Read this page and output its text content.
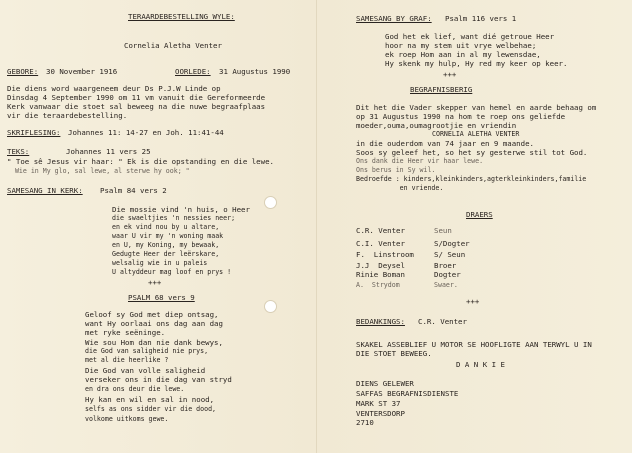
TERAARDEBESTELLING WYLE:
Cornelia Aletha Venter
GEBORE: 30 November 1916	OORLEDE: 31 Augustus 1990
Die diens word waargeneem deur Ds P.J.W Linde op
Dinsdag 4 September 1990 om 11 vm vanuit die Gereformeerde
Kerk vanwaar die stoet sal beweeg na die nuwe begraafplaas
vir die teraardebestelling.
SKRIFLESING: Johannes 11: 14-27 en Joh. 11:41-44
TEKS:	Johannes 11 vers 25
" Toe sê Jesus vir haar: " Ek is die opstanding en die lewe.
Wie in My glo, sal lewe, al sterwe hy ook; "
SAMESANG IN KERK: Psalm 84 vers 2
Die mossie vind 'n huis, o Heer
die swaeltjies 'n nessies neer;
en ek vind nou by u altare,
waar U vir my 'n woning maak
en U, my Koning, my bewaak,
Gedugte Heer der leërskare,
welsalig wie in u paleis
U altyddeur mag loof en prys !
+++
PSALM 68 vers 9
Geloof sy God met diep ontsag,
want Hy oorlaai ons dag aan dag
met ryke seëninge.
Wie sou Hom dan nie dank bewys,
die God van saligheid nie prys,
met al die heerlike ?
Die God van volle saligheid
verseker ons in die dag van stryd
en dra ons deur die lewe.
Hy kan en wil en sal in nood,
selfs as ons sidder vir die dood,
volkome uitkoms gewe.
SAMESANG BY GRAF: Psalm 116 vers 1
God het ek lief, want dié getroue Heer
hoor na my stem uit vrye welbehae;
ek roep Hom aan in al my lewensdae,
Hy skenk my hulp, Hy red my keer op keer.
+++
BEGRAFNISBERIG
Dit het die Vader skepper van hemel en aarde behaag om
op 31 Augustus 1990 na hom te roep ons geliefde
moeder,ouma,oumagrootjie en vriendin
CORNELIA ALETHA VENTER
in die ouderdom van 74 jaar en 9 maande.
Soos sy geleef het, so het sy gesterwe stil tot God.
Ons dank die Heer vir haar lewe.
Ons berus in Sy wil.
Bedroefde : kinders,kleinkinders,agterkleinkinders,familie
en vriende.
DRAERS
C.R. Venter	Seun
C.I. Venter	S/Dogter
F.  Linstroom	S/ Seun
J.J  Deysel	Broer
Rinie Boman	Dogter
A.  Strydom	Swaer.
+++
BEDANKINGS: C.R. Venter
SKAKEL ASSEBLIEF U MOTOR SE HOOFLIGTE AAN TERWYL U IN
DIE STOET BEWEEG.
D A N K I E
DIENS GELEWER
SAFFAS BEGRAFNISDIENSTE
MARK ST 37
VENTERSDORP
2710
